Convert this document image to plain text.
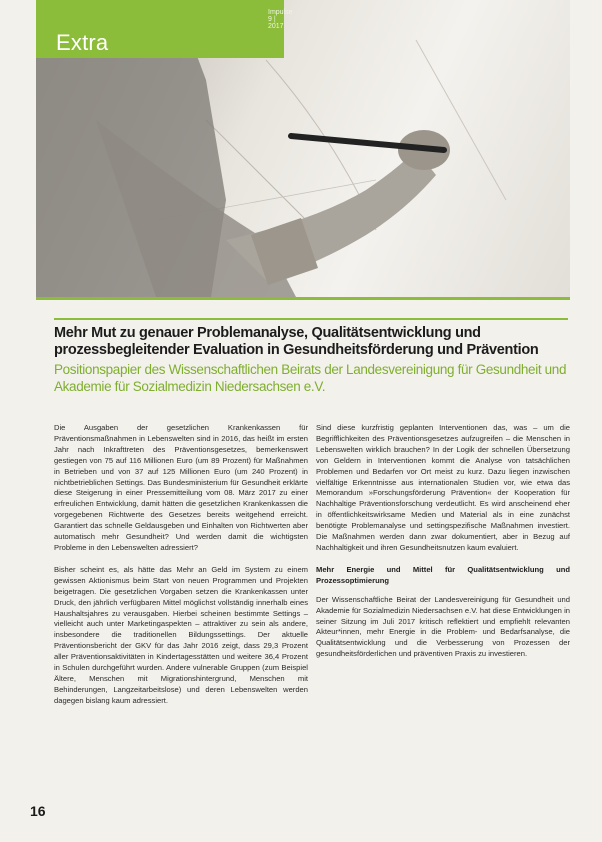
Impulse 9 | 2017
Extra
Mehr Mut zu genauer Problemanalyse, Qualitätsentwicklung und prozessbegleitender Evaluation in Gesundheitsförderung und Prävention
Positionspapier des Wissenschaftlichen Beirats der Landesvereinigung für Gesundheit und Akademie für Sozialmedizin Niedersachsen e.V.

Die Ausgaben der gesetzlichen Krankenkassen für Präventionsmaßnahmen in Lebenswelten sind in 2016, das heißt im ersten Jahr nach Inkrafttreten des Präventionsgesetzes, bemerkenswert gestiegen von 75 auf 116 Millionen Euro (um 89 Prozent) für Maßnahmen in Betrieben und von 37 auf 125 Millionen Euro (um 240 Prozent) in nichtbetrieblichen Settings. Das Bundesministerium für Gesundheit erklärte diese Steigerung in einer Pressemitteilung vom 08. März 2017 zu einer erfreulichen Entwicklung, damit hätten die gesetzlichen Krankenkassen die vorgegebenen Richtwerte des Gesetzes bereits weitgehend erreicht. Garantiert das schnelle Geldausgeben und Einhalten von Richtwerten aber automatisch mehr Gesundheit? Und werden damit die wichtigsten Probleme in den Lebenswelten adressiert?

Bisher scheint es, als hätte das Mehr an Geld im System zu einem gewissen Aktionismus beim Start von neuen Programmen und Projekten beigetragen. Die gesetzlichen Vorgaben setzen die Krankenkassen unter Druck, den jährlich verfügbaren Mittel möglichst vollständig innerhalb eines Haushaltsjahres zu verausgaben. Hierbei scheinen bestimmte Settings – vielleicht auch unter Marketingaspekten – attraktiver zu sein als andere, insbesondere die traditionellen Bildungssettings. Der aktuelle Präventionsbericht der GKV für das Jahr 2016 zeigt, dass 29,3 Prozent aller Präventionsaktivitäten in Kindertagesstätten und weitere 36,4 Prozent in Schulen durchgeführt wurden. Andere vulnerable Gruppen (zum Beispiel Ältere, Menschen mit Migrationshintergrund, Menschen mit Behinderungen, Langzeitarbeitslose) und deren Lebenswelten werden dagegen bislang kaum adressiert.

Sind diese kurzfristig geplanten Interventionen das, was – um die Begrifflichkeiten des Präventionsgesetzes aufzugreifen – die Menschen in Lebenswelten wirklich brauchen? In der Logik der schnellen Übersetzung von Geldern in Interventionen kommt die Analyse von tatsächlichen Problemen und Bedarfen vor Ort meist zu kurz. Dazu liegen inzwischen vielfältige Erkenntnisse aus internationalen Studien vor, wie etwa das Memorandum »Forschungsförderung Prävention« der Kooperation für Nachhaltige Präventionsforschung verdeutlicht. Es wird anscheinend eher in öffentlichkeitswirksame Medien und Material als in eine zunächst benötigte Problemanalyse und settingspezifische Maßnahmen investiert. Die Maßnahmen werden dann zwar dokumentiert, aber in Bezug auf Nachhaltigkeit und ihren Gesundheitsnutzen kaum evaluiert.

Mehr Energie und Mittel für Qualitätsentwicklung und Prozessoptimierung

Der Wissenschaftliche Beirat der Landesvereinigung für Gesundheit und Akademie für Sozialmedizin Niedersachsen e.V. hat diese Entwicklungen in seiner Sitzung im Juli 2017 kritisch reflektiert und empfiehlt relevanten Akteur*innen, mehr Energie in die Problem- und Bedarfsanalyse, die Qualitätsentwicklung und die Verbesserung von Prozessen der gesundheitsförderlichen und präventiven Praxis zu investieren.

16
